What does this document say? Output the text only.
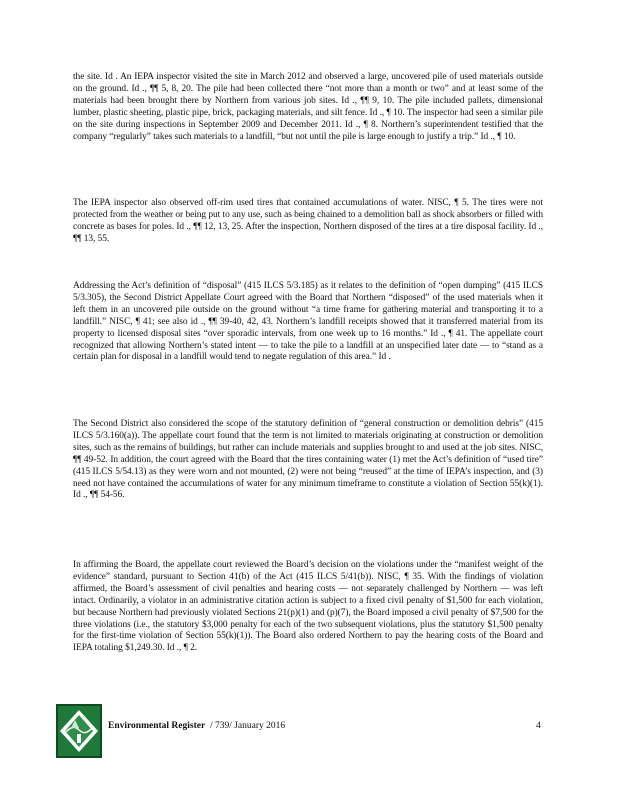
the site. Id . An IEPA inspector visited the site in March 2012 and observed a large, uncovered pile of used materials outside on the ground. Id ., ¶¶ 5, 8, 20. The pile had been collected there “not more than a month or two” and at least some of the materials had been brought there by Northern from various job sites. Id ., ¶¶ 9, 10. The pile included pallets, dimensional lumber, plastic sheeting, plastic pipe, brick, packaging materials, and silt fence. Id ., ¶ 10. The inspector had seen a similar pile on the site during inspections in September 2009 and December 2011. Id ., ¶ 8. Northern’s superintendent testified that the company “regularly” takes such materials to a landfill, “but not until the pile is large enough to justify a trip.” Id ., ¶ 10.

The IEPA inspector also observed off-rim used tires that contained accumulations of water. NISC, ¶ 5. The tires were not protected from the weather or being put to any use, such as being chained to a demolition ball as shock absorbers or filled with concrete as bases for poles. Id ., ¶¶ 12, 13, 25. After the inspection, Northern disposed of the tires at a tire disposal facility. Id ., ¶¶ 13, 55.

Addressing the Act’s definition of “disposal” (415 ILCS 5/3.185) as it relates to the definition of “open dumping” (415 ILCS 5/3.305), the Second District Appellate Court agreed with the Board that Northern “disposed” of the used materials when it left them in an uncovered pile outside on the ground without “a time frame for gathering material and transporting it to a landfill.” NISC, ¶ 41; see also id ., ¶¶ 39-40, 42, 43. Northern’s landfill receipts showed that it transferred material from its property to licensed disposal sites “over sporadic intervals, from one week up to 16 months.” Id ., ¶ 41. The appellate court recognized that allowing Northern’s stated intent — to take the pile to a landfill at an unspecified later date — to “stand as a certain plan for disposal in a landfill would tend to negate regulation of this area.” Id .

The Second District also considered the scope of the statutory definition of “general construction or demolition debris” (415 ILCS 5/3.160(a)). The appellate court found that the term is not limited to materials originating at construction or demolition sites, such as the remains of buildings, but rather can include materials and supplies brought to and used at the job sites. NISC, ¶¶ 49-52. In addition, the court agreed with the Board that the tires containing water (1) met the Act’s definition of “used tire” (415 ILCS 5/54.13) as they were worn and not mounted, (2) were not being “reused” at the time of IEPA’s inspection, and (3) need not have contained the accumulations of water for any minimum timeframe to constitute a violation of Section 55(k)(1). Id ., ¶¶ 54-56.

In affirming the Board, the appellate court reviewed the Board’s decision on the violations under the “manifest weight of the evidence” standard, pursuant to Section 41(b) of the Act (415 ILCS 5/41(b)). NISC, ¶ 35. With the findings of violation affirmed, the Board’s assessment of civil penalties and hearing costs — not separately challenged by Northern — was left intact. Ordinarily, a violator in an administrative citation action is subject to a fixed civil penalty of $1,500 for each violation, but because Northern had previously violated Sections 21(p)(1) and (p)(7), the Board imposed a civil penalty of $7,500 for the three violations (i.e., the statutory $3,000 penalty for each of the two subsequent violations, plus the statutory $1,500 penalty for the first-time violation of Section 55(k)(1)). The Board also ordered Northern to pay the hearing costs of the Board and IEPA totaling $1,249.30. Id ., ¶ 2.

Environmental Register / 739/ January 2016	4
